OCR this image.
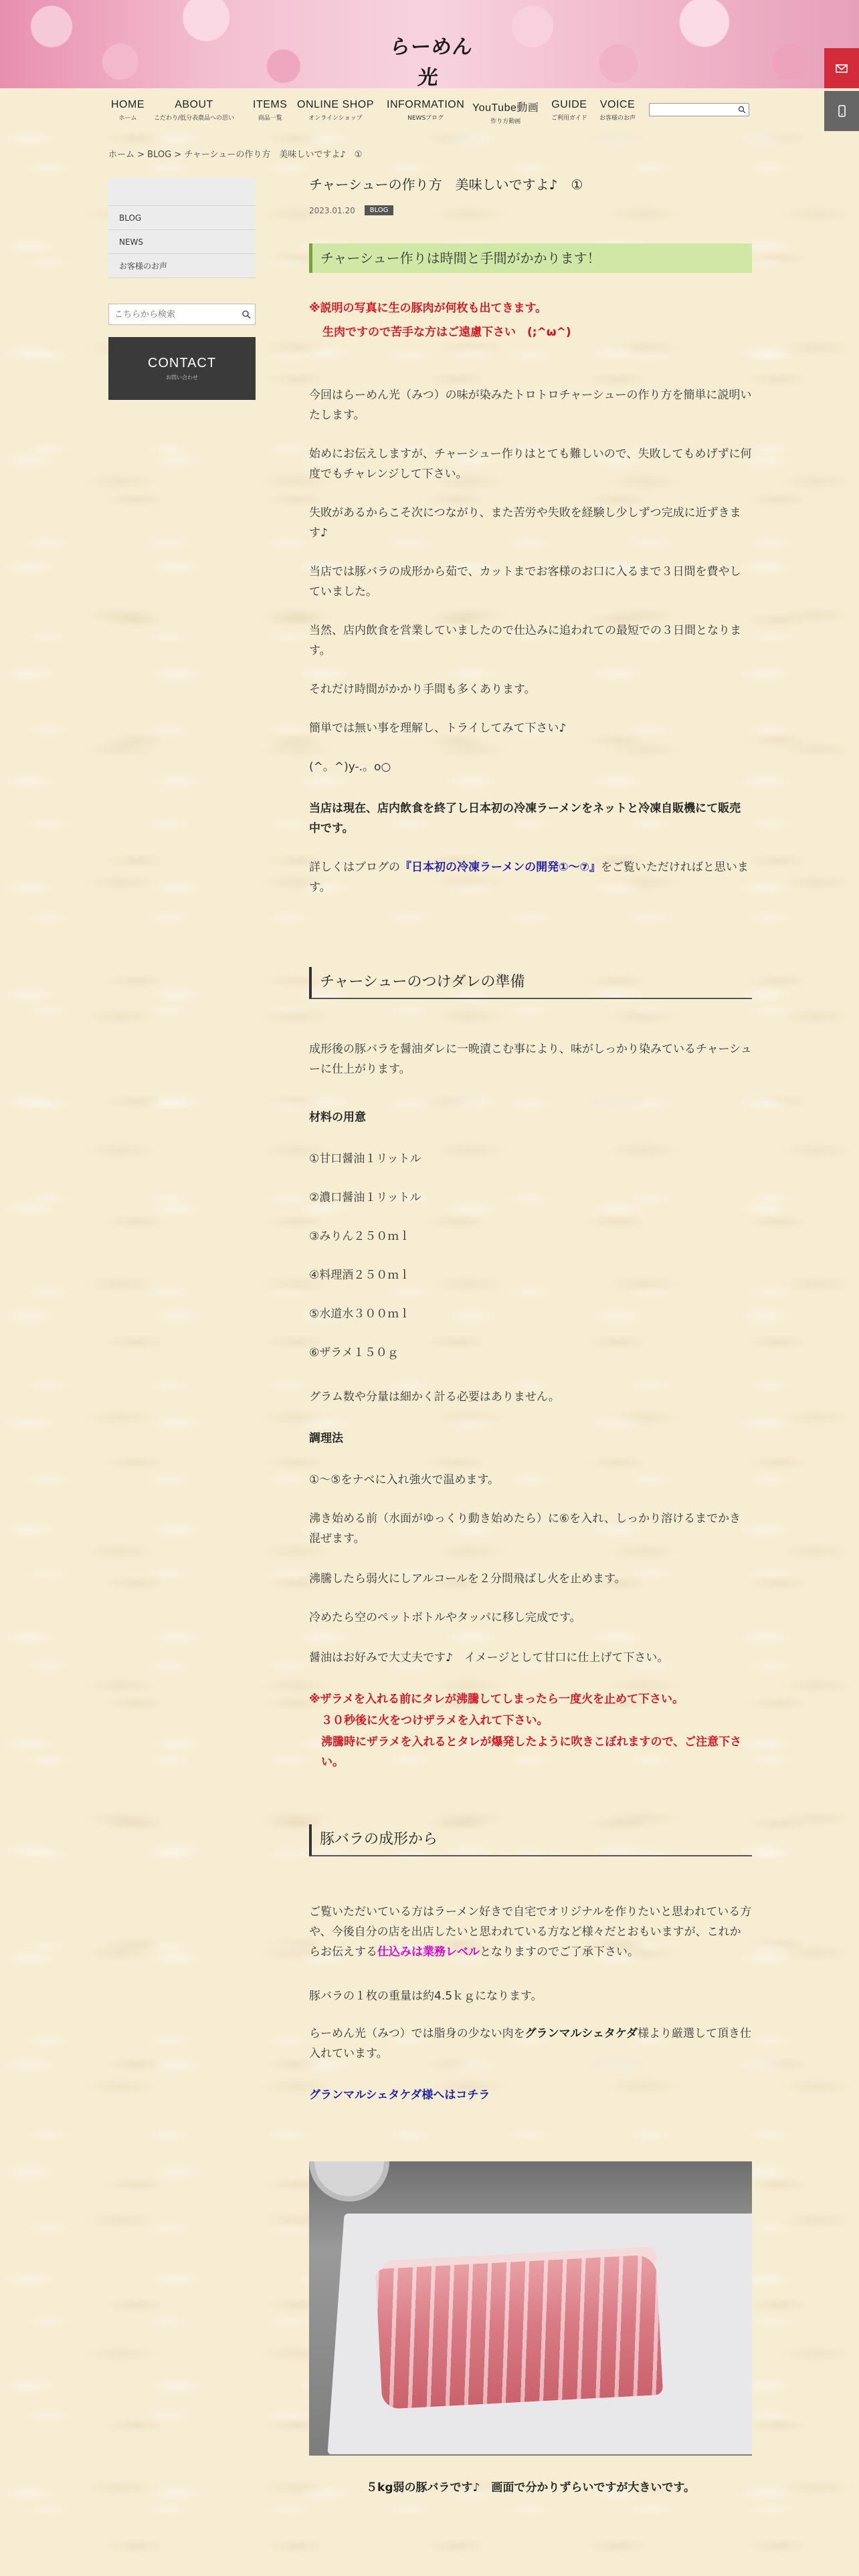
らーめん光
HOME
ホーム
ABOUT
こだわり/低分表農品への思い
ITEMS
商品一覧
ONLINE SHOP
オンラインショップ
INFORMATION
NEWSブログ
YouTube動画
作り方動画
GUIDE
ご利用ガイド
VOICE
お客様のお声
ホーム > BLOG > チャーシューの作り方　美味しいですよ♪　①
BLOG
NEWS
お客様のお声
こちらから検索
CONTACT
お問い合わせ
チャーシューの作り方　美味しいですよ♪　①
2023.01.20	BLOG
チャーシュー作りは時間と手間がかかります！
※説明の写真に生の豚肉が何枚も出てきます。
生肉ですので苦手な方はご遠慮下さい　(;^ω^)
今回はらーめん光（みつ）の味が染みたトロトロチャーシューの作り方を簡単に説明いたします。
始めにお伝えしますが、チャーシュー作りはとても難しいので、失敗してもめげずに何度でもチャレンジして下さい。
失敗があるからこそ次につながり、また苦労や失敗を経験し少しずつ完成に近ずきます♪
当店では豚バラの成形から茹で、カットまでお客様のお口に入るまで３日間を費やしていました。
当然、店内飲食を営業していましたので仕込みに追われての最短での３日間となります。
それだけ時間がかかり手間も多くあります。
簡単では無い事を理解し、トライしてみて下さい♪
(^。^)y-.。o○
当店は現在、店内飲食を終了し日本初の冷凍ラーメンをネットと冷凍自販機にて販売中です。
詳しくはブログの『日本初の冷凍ラーメンの開発①〜⑦』をご覧いただければと思います。
チャーシューのつけダレの準備
成形後の豚バラを醤油ダレに一晩漬こむ事により、味がしっかり染みているチャーシューに仕上がります。
材料の用意
①甘口醤油１リットル
②濃口醤油１リットル
③みりん２５０ｍｌ
④料理酒２５０ｍｌ
⑤水道水３００ｍｌ
⑥ザラメ１５０ｇ
グラム数や分量は細かく計る必要はありません。
調理法
①〜⑤をナベに入れ強火で温めます。
沸き始める前（水面がゆっくり動き始めたら）に⑥を入れ、しっかり溶けるまでかき混ぜます。
沸騰したら弱火にしアルコールを２分間飛ばし火を止めます。
冷めたら空のペットボトルやタッパに移し完成です。
醤油はお好みで大丈夫です♪　イメージとして甘口に仕上げて下さい。
※ザラメを入れる前にタレが沸騰してしまったら一度火を止めて下さい。
３０秒後に火をつけザラメを入れて下さい。
沸騰時にザラメを入れるとタレが爆発したように吹きこぼれますので、ご注意下さい。
豚バラの成形から
ご覧いただいている方はラーメン好きで自宅でオリジナルを作りたいと思われている方や、今後自分の店を出店したいと思われている方など様々だとおもいますが、これからお伝えする仕込みは業務レベルとなりますのでご了承下さい。
豚バラの１枚の重量は約4.5ｋｇになります。
らーめん光（みつ）では脂身の少ない肉をグランマルシェタケダ様より厳選して頂き仕入れています。
グランマルシェタケダ様へはコチラ
５kg弱の豚バラです♪　画面で分かりずらいですが大きいです。
